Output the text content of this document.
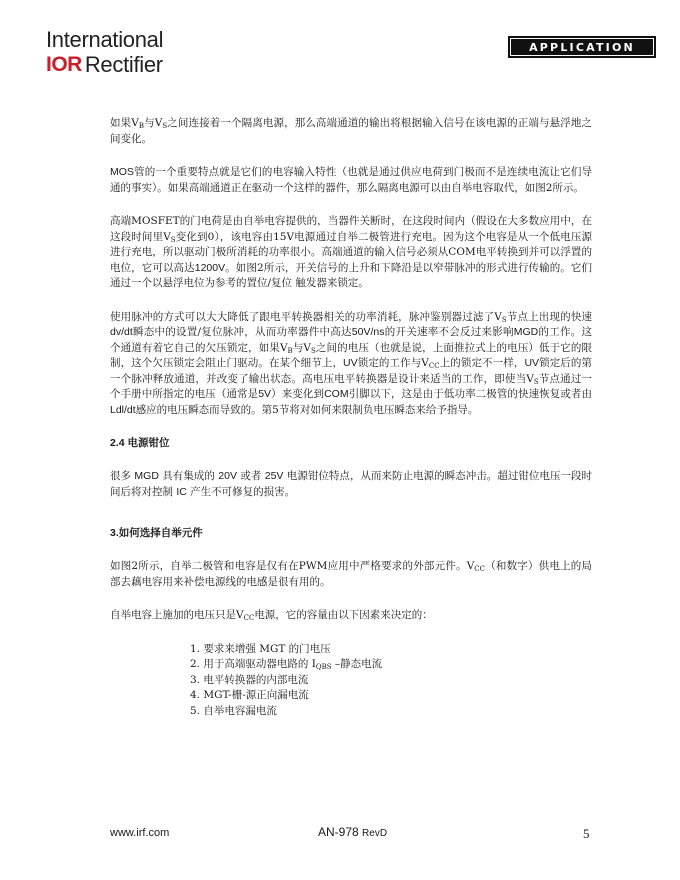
International
IOR Rectifier
APPLICATION NOTE

如果$V_B$与$V_S$之间连接着一个隔离电源，那么高端通道的输出将根据输入信号在该电源的正端与悬浮地之间变化。

MOS管的一个重要特点就是它们的电容输入特性（也就是通过供应电荷到门极而不是连续电流让它们导通的事实）。如果高端通道正在驱动一个这样的器件，那么隔离电源可以由自举电容取代，如图2所示。

高端MOSFET的门电荷是由自举电容提供的，当器件关断时，在这段时间内（假设在大多数应用中，在这段时间里$V_S$变化到0），该电容由15V电源通过自举二极管进行充电。因为这个电容是从一个低电压源进行充电，所以驱动门极所消耗的功率很小。高端通道的输入信号必须从COM电平转换到并可以浮置的电位，它可以高达1200V。如图2所示，开关信号的上升和下降沿是以窄带脉冲的形式进行传输的。它们通过一个以悬浮电位为参考的置位/复位 触发器来锁定。

使用脉冲的方式可以大大降低了跟电平转换器相关的功率消耗，脉冲鉴别器过滤了$V_S$节点上出现的快速dv/dt瞬态中的设置/复位脉冲，从而功率器件中高达50V/ns的开关速率不会反过来影响MGD的工作。这个通道有着它自己的欠压锁定，如果$V_B$与$V_S$之间的电压（也就是说，上面推拉式上的电压）低于它的限制，这个欠压锁定会阻止门驱动。在某个细节上，UV锁定的工作与$V_{CC}$上的锁定不一样，UV锁定后的第一个脉冲释放通道，并改变了输出状态。高电压电平转换器是设计来适当的工作，即使当$V_S$节点通过一个手册中所指定的电压（通常是5V）来变化到COM引脚以下，这是由于低功率二极管的快速恢复或者由Ldl/dt感应的电压瞬态而导致的。第5节将对如何来限制负电压瞬态来给予指导。

2.4 电源钳位

很多 MGD 具有集成的 20V 或者 25V 电源钳位特点，从而来防止电源的瞬态冲击。超过钳位电压一段时间后将对控制 IC 产生不可修复的损害。

3.如何选择自举元件

如图2所示，自举二极管和电容是仅有在PWM应用中严格要求的外部元件。$V_{CC}$（和数字）供电上的局部去藕电容用来补偿电源线的电感是很有用的。

自举电容上施加的电压只是$V_{CC}$电源，它的容量由以下因素来决定的：

1. 要求来增强 MGT 的门电压
2. 用于高端驱动器电路的 $I_{QBS}$ –静态电流
3. 电平转换器的内部电流
4. MGT-栅-源正向漏电流
5. 自举电容漏电流
www.irf.com	AN-978 RevD	5
